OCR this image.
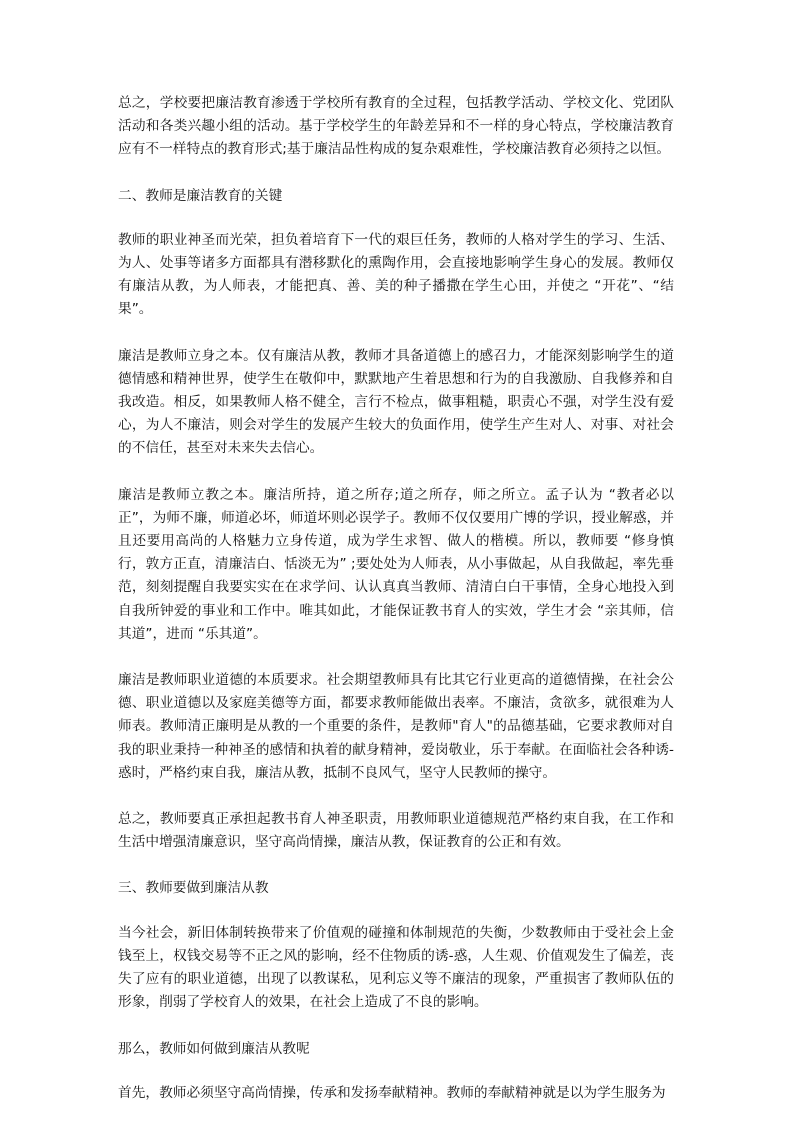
总之，学校要把廉洁教育渗透于学校所有教育的全过程，包括教学活动、学校文化、党团队活动和各类兴趣小组的活动。基于学校学生的年龄差异和不一样的身心特点，学校廉洁教育应有不一样特点的教育形式;基于廉洁品性构成的复杂艰难性，学校廉洁教育必须持之以恒。

二、教师是廉洁教育的关键

教师的职业神圣而光荣，担负着培育下一代的艰巨任务，教师的人格对学生的学习、生活、为人、处事等诸多方面都具有潜移默化的熏陶作用，会直接地影响学生身心的发展。教师仅有廉洁从教，为人师表，才能把真、善、美的种子播撒在学生心田，并使之 “开花”、“结果”。

廉洁是教师立身之本。仅有廉洁从教，教师才具备道德上的感召力，才能深刻影响学生的道德情感和精神世界，使学生在敬仰中，默默地产生着思想和行为的自我激励、自我修养和自我改造。相反，如果教师人格不健全，言行不检点，做事粗糙，职责心不强，对学生没有爱心，为人不廉洁，则会对学生的发展产生较大的负面作用，使学生产生对人、对事、对社会的不信任，甚至对未来失去信心。

廉洁是教师立教之本。廉洁所持，道之所存;道之所存，师之所立。孟子认为 “教者必以正”，为师不廉，师道必坏，师道坏则必误学子。教师不仅仅要用广博的学识，授业解惑，并且还要用高尚的人格魅力立身传道，成为学生求智、做人的楷模。所以，教师要 “修身慎行，敦方正直，清廉洁白、恬淡无为” ;要处处为人师表，从小事做起，从自我做起，率先垂范，刻刻提醒自我要实实在在求学问、认认真真当教师、清清白白干事情，全身心地投入到自我所钟爱的事业和工作中。唯其如此，才能保证教书育人的实效，学生才会 “亲其师，信其道”，进而 “乐其道”。

廉洁是教师职业道德的本质要求。社会期望教师具有比其它行业更高的道德情操，在社会公德、职业道德以及家庭美德等方面，都要求教师能做出表率。不廉洁，贪欲多，就很难为人师表。教师清正廉明是从教的一个重要的条件，是教师"育人"的品德基础，它要求教师对自我的职业秉持一种神圣的感情和执着的献身精神，爱岗敬业，乐于奉献。在面临社会各种诱-惑时，严格约束自我，廉洁从教，抵制不良风气，坚守人民教师的操守。

总之，教师要真正承担起教书育人神圣职责，用教师职业道德规范严格约束自我，在工作和生活中增强清廉意识，坚守高尚情操，廉洁从教，保证教育的公正和有效。

三、教师要做到廉洁从教

当今社会，新旧体制转换带来了价值观的碰撞和体制规范的失衡，少数教师由于受社会上金钱至上，权钱交易等不正之风的影响，经不住物质的诱-惑，人生观、价值观发生了偏差，丧失了应有的职业道德，出现了以教谋私，见利忘义等不廉洁的现象，严重损害了教师队伍的形象，削弱了学校育人的效果，在社会上造成了不良的影响。

那么，教师如何做到廉洁从教呢

首先，教师必须坚守高尚情操，传承和发扬奉献精神。教师的奉献精神就是以为学生服务为
